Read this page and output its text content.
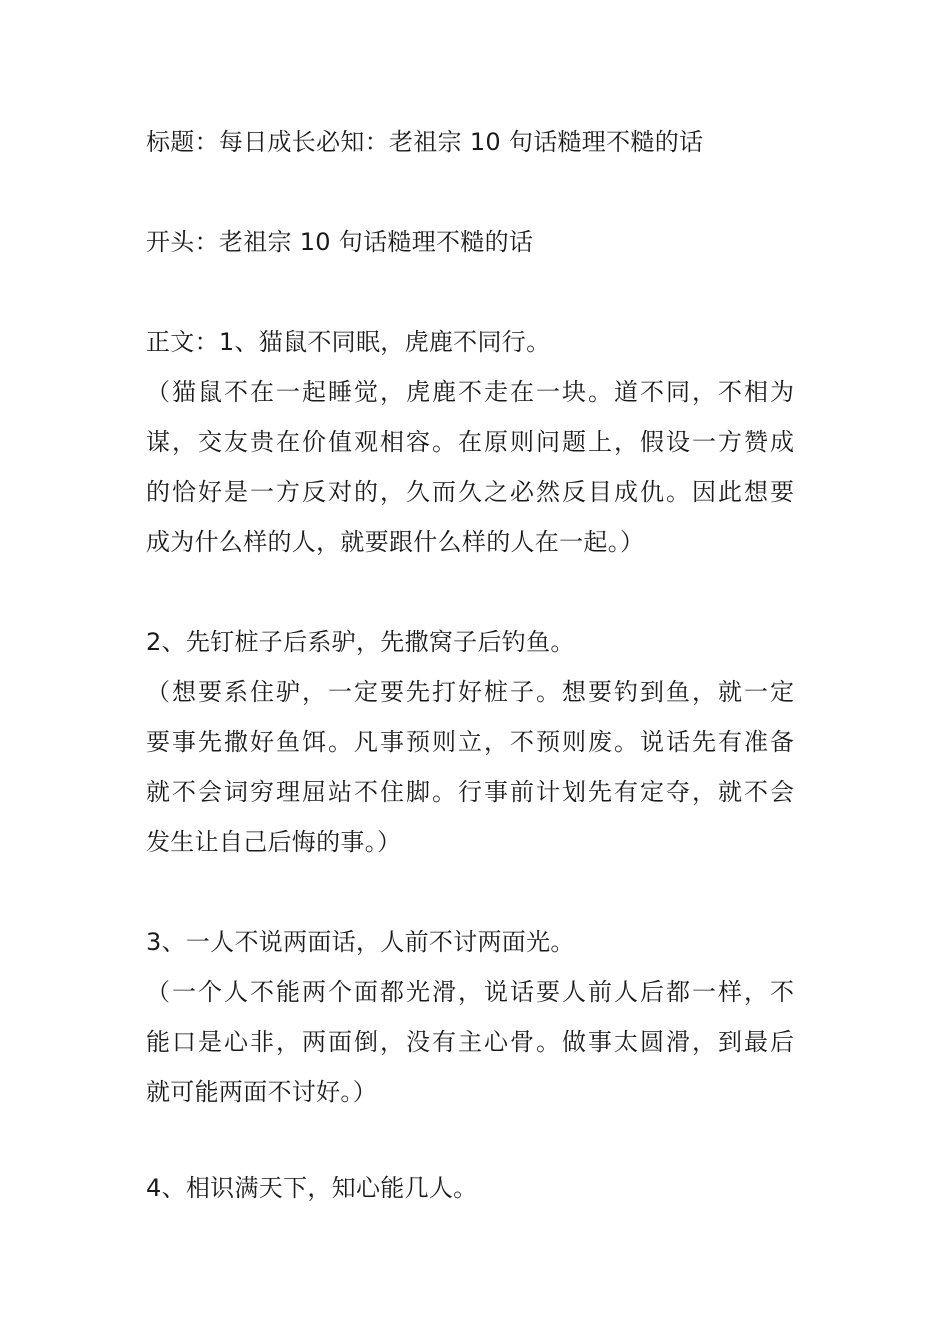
标题：每日成长必知：老祖宗 10 句话糙理不糙的话
开头：老祖宗 10 句话糙理不糙的话
正文：1、猫鼠不同眠，虎鹿不同行。
（猫鼠不在一起睡觉，虎鹿不走在一块。道不同，不相为
谋，交友贵在价值观相容。在原则问题上，假设一方赞成
的恰好是一方反对的，久而久之必然反目成仇。因此想要
成为什么样的人，就要跟什么样的人在一起。）
2、先钉桩子后系驴，先撒窝子后钓鱼。
（想要系住驴，一定要先打好桩子。想要钓到鱼，就一定
要事先撒好鱼饵。凡事预则立，不预则废。说话先有准备
就不会词穷理屈站不住脚。行事前计划先有定夺，就不会
发生让自己后悔的事。）
3、一人不说两面话，人前不讨两面光。
（一个人不能两个面都光滑，说话要人前人后都一样，不
能口是心非，两面倒，没有主心骨。做事太圆滑，到最后
就可能两面不讨好。）
4、相识满天下，知心能几人。
